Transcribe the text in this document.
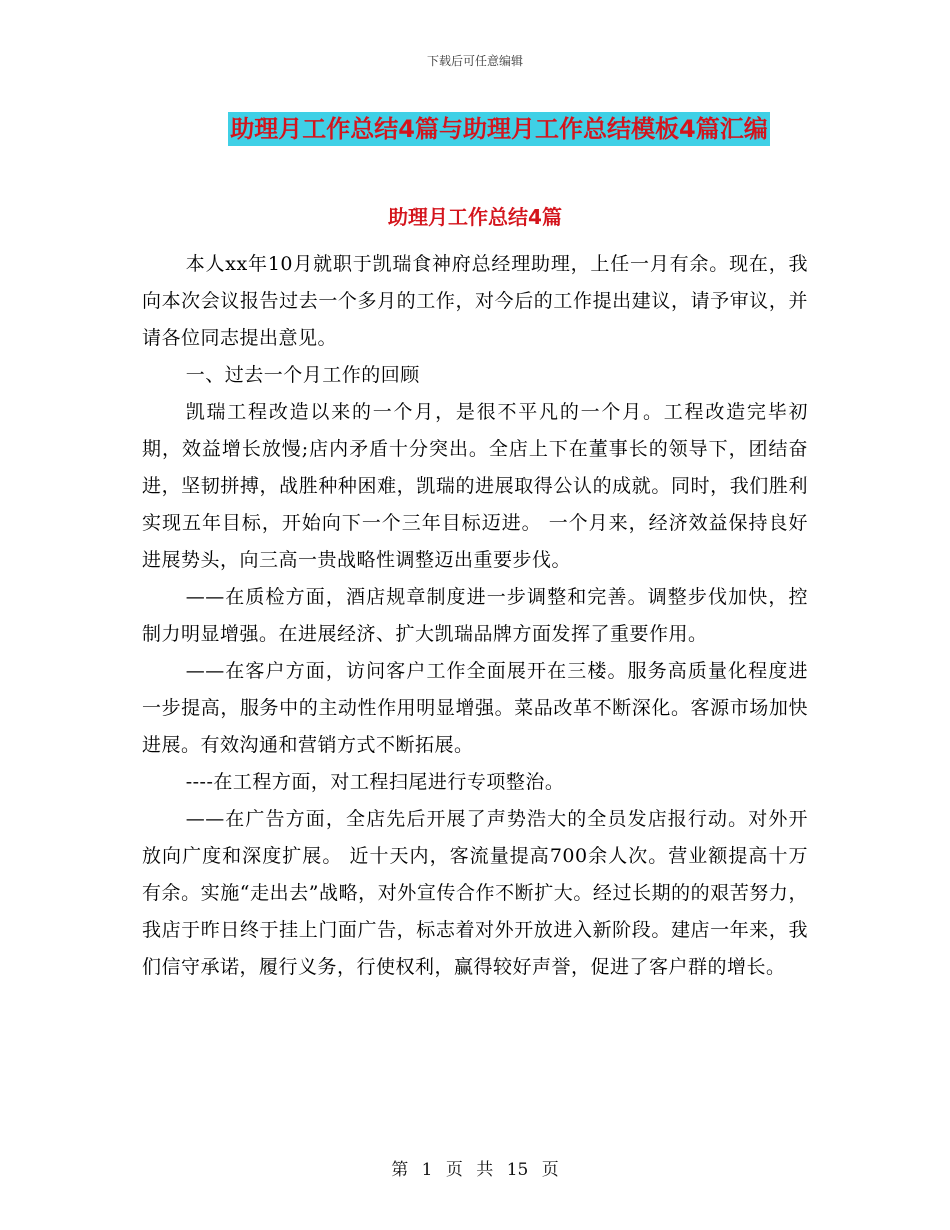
下载后可任意编辑
助理月工作总结4篇与助理月工作总结模板4篇汇编
助理月工作总结4篇

本人xx年10月就职于凯瑞食神府总经理助理，上任一月有余。现在，我向本次会议报告过去一个多月的工作，对今后的工作提出建议，请予审议，并请各位同志提出意见。

一、过去一个月工作的回顾

凯瑞工程改造以来的一个月，是很不平凡的一个月。工程改造完毕初期，效益增长放慢;店内矛盾十分突出。全店上下在董事长的领导下，团结奋进，坚韧拼搏，战胜种种困难，凯瑞的进展取得公认的成就。同时，我们胜利实现五年目标，开始向下一个三年目标迈进。 一个月来，经济效益保持良好进展势头，向三高一贵战略性调整迈出重要步伐。

——在质检方面，酒店规章制度进一步调整和完善。调整步伐加快，控制力明显增强。在进展经济、扩大凯瑞品牌方面发挥了重要作用。

——在客户方面，访问客户工作全面展开在三楼。服务高质量化程度进一步提高，服务中的主动性作用明显增强。菜品改革不断深化。客源市场加快进展。有效沟通和营销方式不断拓展。

----在工程方面，对工程扫尾进行专项整治。

——在广告方面，全店先后开展了声势浩大的全员发店报行动。对外开放向广度和深度扩展。 近十天内，客流量提高700余人次。营业额提高十万有余。实施“走出去”战略，对外宣传合作不断扩大。经过长期的的艰苦努力，我店于昨日终于挂上门面广告，标志着对外开放进入新阶段。建店一年来，我们信守承诺，履行义务，行使权利，赢得较好声誉，促进了客户群的增长。

第 1 页 共 15 页
